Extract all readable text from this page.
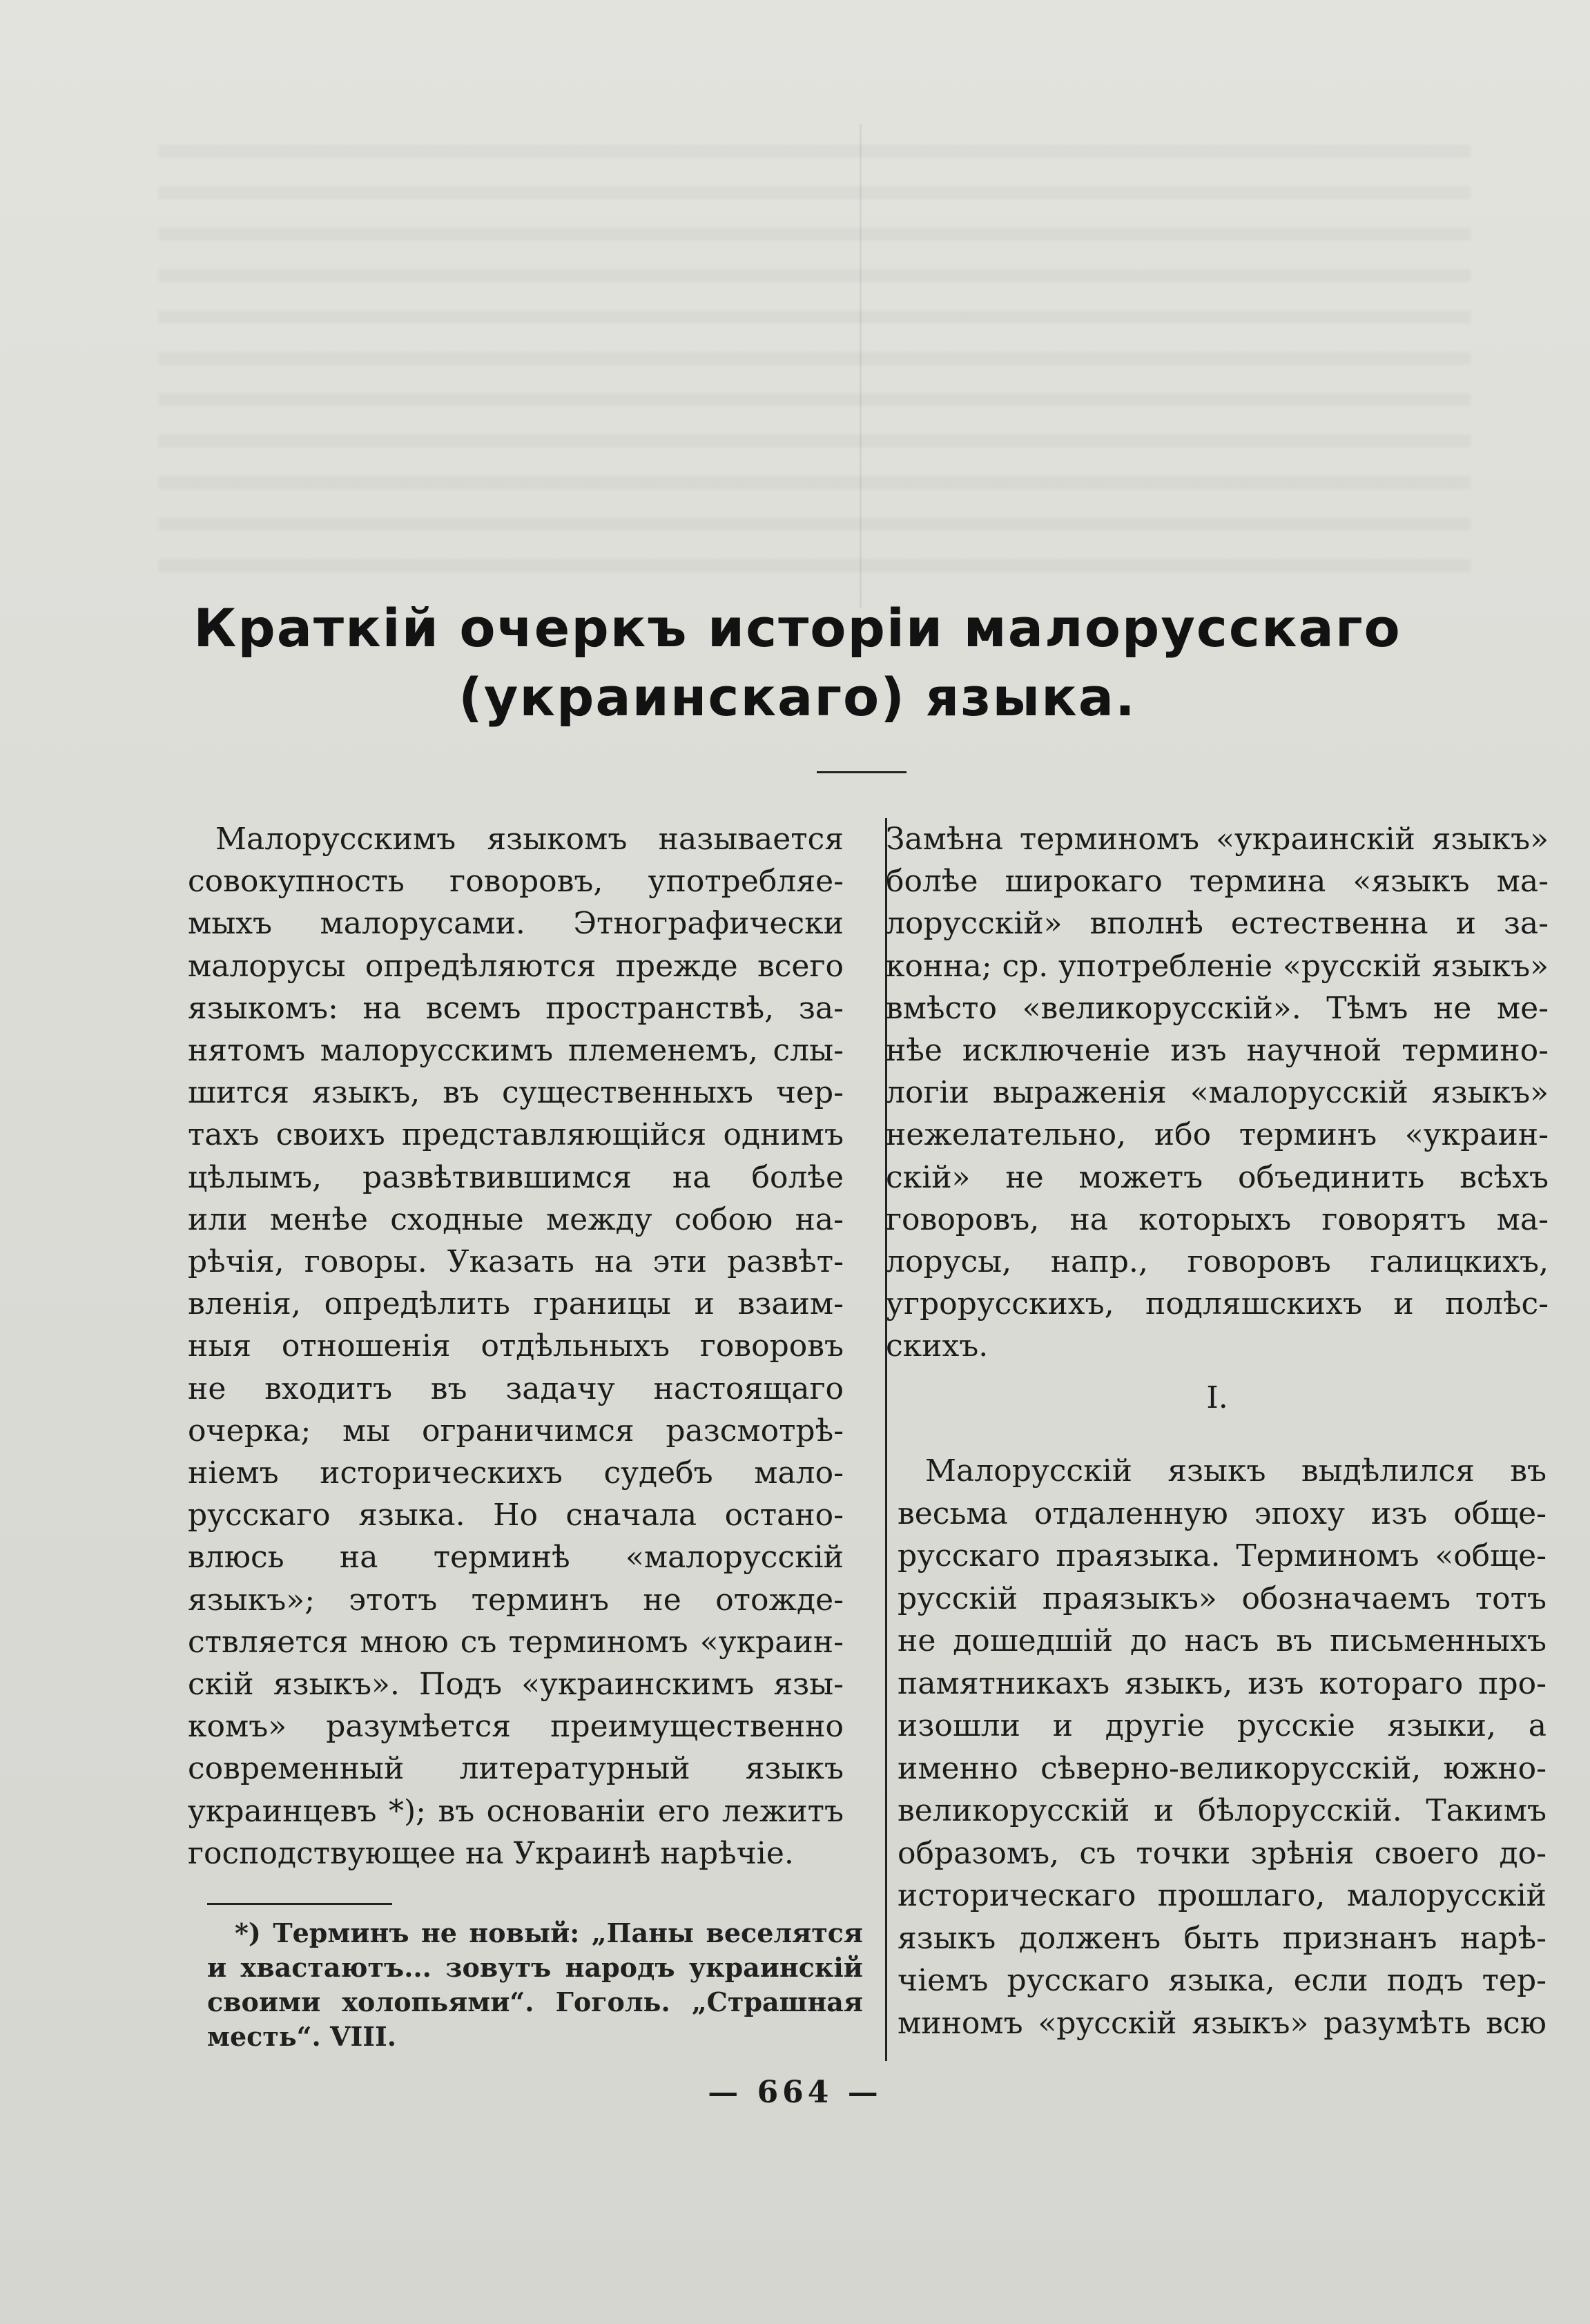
Краткій очеркъ исторіи малорусскаго
(украинскаго) языка.
Малорусскимъ языкомъ называется
совокупность говоровъ, употребляе-
мыхъ малорусами. Этнографически
малорусы опредѣляются прежде всего
языкомъ: на всемъ пространствѣ, за-
нятомъ малорусскимъ племенемъ, слы-
шится языкъ, въ существенныхъ чер-
тахъ своихъ представляющійся однимъ
цѣлымъ, развѣтвившимся на болѣе
или менѣе сходные между собою на-
рѣчія, говоры. Указать на эти развѣт-
вленія, опредѣлить границы и взаим-
ныя отношенія отдѣльныхъ говоровъ
не входитъ въ задачу настоящаго
очерка; мы ограничимся разсмотрѣ-
ніемъ историческихъ судебъ мало-
русскаго языка. Но сначала остано-
влюсь на терминѣ «малорусскій
языкъ»; этотъ терминъ не отожде-
ствляется мною съ терминомъ «украин-
скій языкъ». Подъ «украинскимъ язы-
комъ» разумѣется преимущественно
современный литературный языкъ
украинцевъ *); въ основаніи его лежитъ
господствующее на Украинѣ нарѣчіе.
Замѣна терминомъ «украинскій языкъ»
болѣе широкаго термина «языкъ ма-
лорусскій» вполнѣ естественна и за-
конна; ср. употребленіе «русскій языкъ»
вмѣсто «великорусскій». Тѣмъ не ме-
нѣе исключеніе изъ научной термино-
логіи выраженія «малорусскій языкъ»
нежелательно, ибо терминъ «украин-
скій» не можетъ объединить всѣхъ
говоровъ, на которыхъ говорятъ ма-
лорусы, напр., говоровъ галицкихъ,
угрорусскихъ, подляшскихъ и полѣс-
скихъ.
I.
Малорусскій языкъ выдѣлился въ
весьма отдаленную эпоху изъ обще-
русскаго праязыка. Терминомъ «обще-
русскій праязыкъ» обозначаемъ тотъ
не дошедшій до насъ въ письменныхъ
памятникахъ языкъ, изъ котораго про-
изошли и другіе русскіе языки, а
именно сѣверно-великорусскій, южно-
великорусскій и бѣлорусскій. Такимъ
образомъ, съ точки зрѣнія своего до-
историческаго прошлаго, малорусскій
языкъ долженъ быть признанъ нарѣ-
чіемъ русскаго языка, если подъ тер-
миномъ «русскій языкъ» разумѣть всю
*) Терминъ не новый: „Паны веселятся
и хвастаютъ... зовутъ народъ украинскій
своими холопьями“. Гоголь. „Страшная
месть“. VIII.
— 664 —
